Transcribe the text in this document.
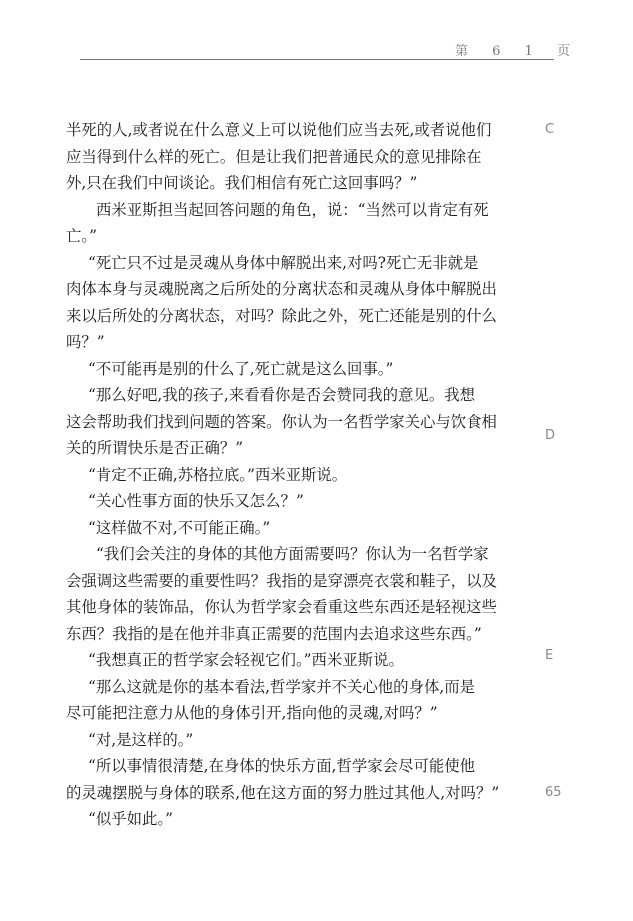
第 6 1 页
半死的人,或者说在什么意义上可以说他们应当去死,或者说他们
应当得到什么样的死亡。但是让我们把普通民众的意见排除在
外,只在我们中间谈论。我们相信有死亡这回事吗？”
西米亚斯担当起回答问题的角色，说：“当然可以肯定有死
亡。”
“死亡只不过是灵魂从身体中解脱出来,对吗?死亡无非就是
肉体本身与灵魂脱离之后所处的分离状态和灵魂从身体中解脱出
来以后所处的分离状态，对吗？除此之外，死亡还能是别的什么
吗？”
“不可能再是别的什么了,死亡就是这么回事。”
“那么好吧,我的孩子,来看看你是否会赞同我的意见。我想
这会帮助我们找到问题的答案。你认为一名哲学家关心与饮食相
关的所谓快乐是否正确？”
“肯定不正确,苏格拉底。”西米亚斯说。
“关心性事方面的快乐又怎么？”
“这样做不对,不可能正确。”
“我们会关注的身体的其他方面需要吗？你认为一名哲学家
会强调这些需要的重要性吗？我指的是穿漂亮衣裳和鞋子，以及
其他身体的装饰品，你认为哲学家会看重这些东西还是轻视这些
东西？我指的是在他并非真正需要的范围内去追求这些东西。”
“我想真正的哲学家会轻视它们。”西米亚斯说。
“那么这就是你的基本看法,哲学家并不关心他的身体,而是
尽可能把注意力从他的身体引开,指向他的灵魂,对吗？”
“对,是这样的。”
“所以事情很清楚,在身体的快乐方面,哲学家会尽可能使他
的灵魂摆脱与身体的联系,他在这方面的努力胜过其他人,对吗？”
“似乎如此。”
C
D
E
65
